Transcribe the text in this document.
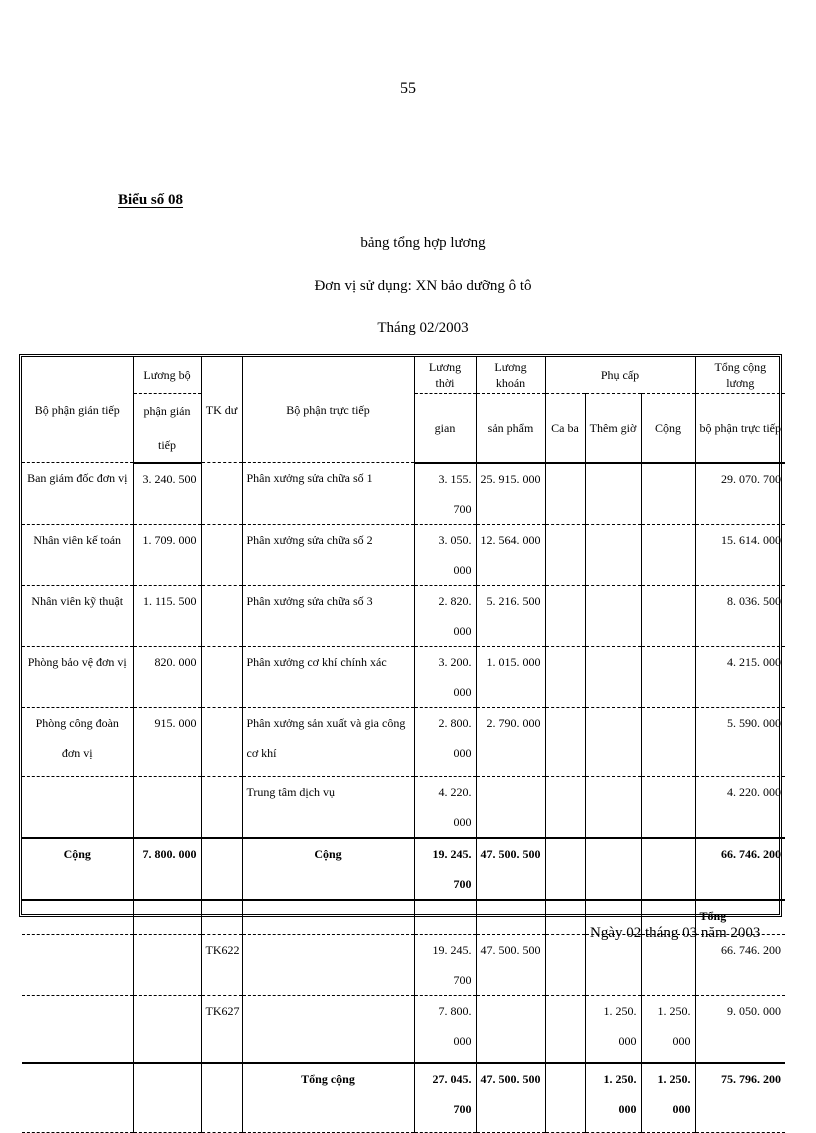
55
Biểu số 08
bảng tổng hợp lương
Đơn vị sử dụng: XN bảo dưỡng ô tô
Tháng 02/2003
Bộ phận gián tiếp	Lương bộ	TK dư	Bộ phận trực tiếp	Lương thời	Lương khoán	Phụ cấp			Tổng cộng lương
	phận gián tiếp			gian	sản phẩm	Ca ba	Thêm giờ	Cộng	bộ phận trực tiếp
Ban giám đốc đơn vị	3. 240. 500		Phân xưởng sửa chữa số 1	3. 155. 700	25. 915. 000				29. 070. 700
Nhân viên kế toán	1. 709. 000		Phân xưởng sửa chữa số 2	3. 050. 000	12. 564. 000				15. 614. 000
Nhân viên kỹ thuật	1. 115. 500		Phân xưởng sửa chữa số 3	2. 820. 000	5. 216. 500				8. 036. 500
Phòng bảo vệ đơn vị	820. 000		Phân xưởng cơ khí chính xác	3. 200. 000	1. 015. 000				4. 215. 000
Phòng công đoàn đơn vị	915. 000		Phân xưởng sản xuất và gia công cơ khí	2. 800. 000	2. 790. 000				5. 590. 000
			Trung tâm dịch vụ	4. 220. 000					4. 220. 000
Cộng	7. 800. 000		Cộng	19. 245. 700	47. 500. 500				66. 746. 200
									Tổng
		TK622		19. 245. 700	47. 500. 500				66. 746. 200
		TK627		7. 800. 000			1. 250. 000	1. 250. 000	9. 050. 000
			Tổng cộng	27. 045. 700	47. 500. 500		1. 250. 000	1. 250. 000	75. 796. 200
Ngày 02 tháng 03 năm 2003
